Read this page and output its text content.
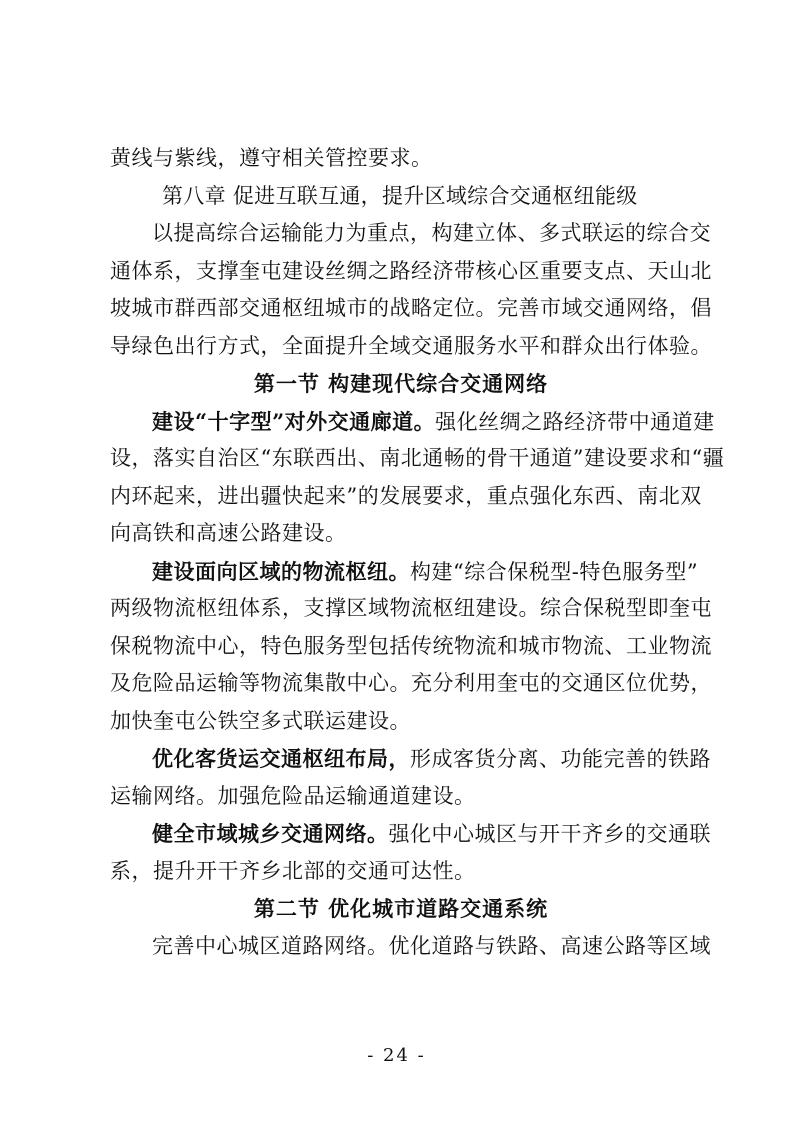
黄线与紫线，遵守相关管控要求。
第八章 促进互联互通，提升区域综合交通枢纽能级
以提高综合运输能力为重点，构建立体、多式联运的综合交
通体系，支撑奎屯建设丝绸之路经济带核心区重要支点、天山北
坡城市群西部交通枢纽城市的战略定位。完善市域交通网络，倡
导绿色出行方式，全面提升全域交通服务水平和群众出行体验。
第一节 构建现代综合交通网络
建设“十字型”对外交通廊道。强化丝绸之路经济带中通道建
设，落实自治区“东联西出、南北通畅的骨干通道”建设要求和“疆
内环起来，进出疆快起来”的发展要求，重点强化东西、南北双
向高铁和高速公路建设。
建设面向区域的物流枢纽。构建“综合保税型-特色服务型”
两级物流枢纽体系，支撑区域物流枢纽建设。综合保税型即奎屯
保税物流中心，特色服务型包括传统物流和城市物流、工业物流
及危险品运输等物流集散中心。充分利用奎屯的交通区位优势，
加快奎屯公铁空多式联运建设。
优化客货运交通枢纽布局，形成客货分离、功能完善的铁路
运输网络。加强危险品运输通道建设。
健全市域城乡交通网络。强化中心城区与开干齐乡的交通联
系，提升开干齐乡北部的交通可达性。
第二节 优化城市道路交通系统
完善中心城区道路网络。优化道路与铁路、高速公路等区域
- 24 -
